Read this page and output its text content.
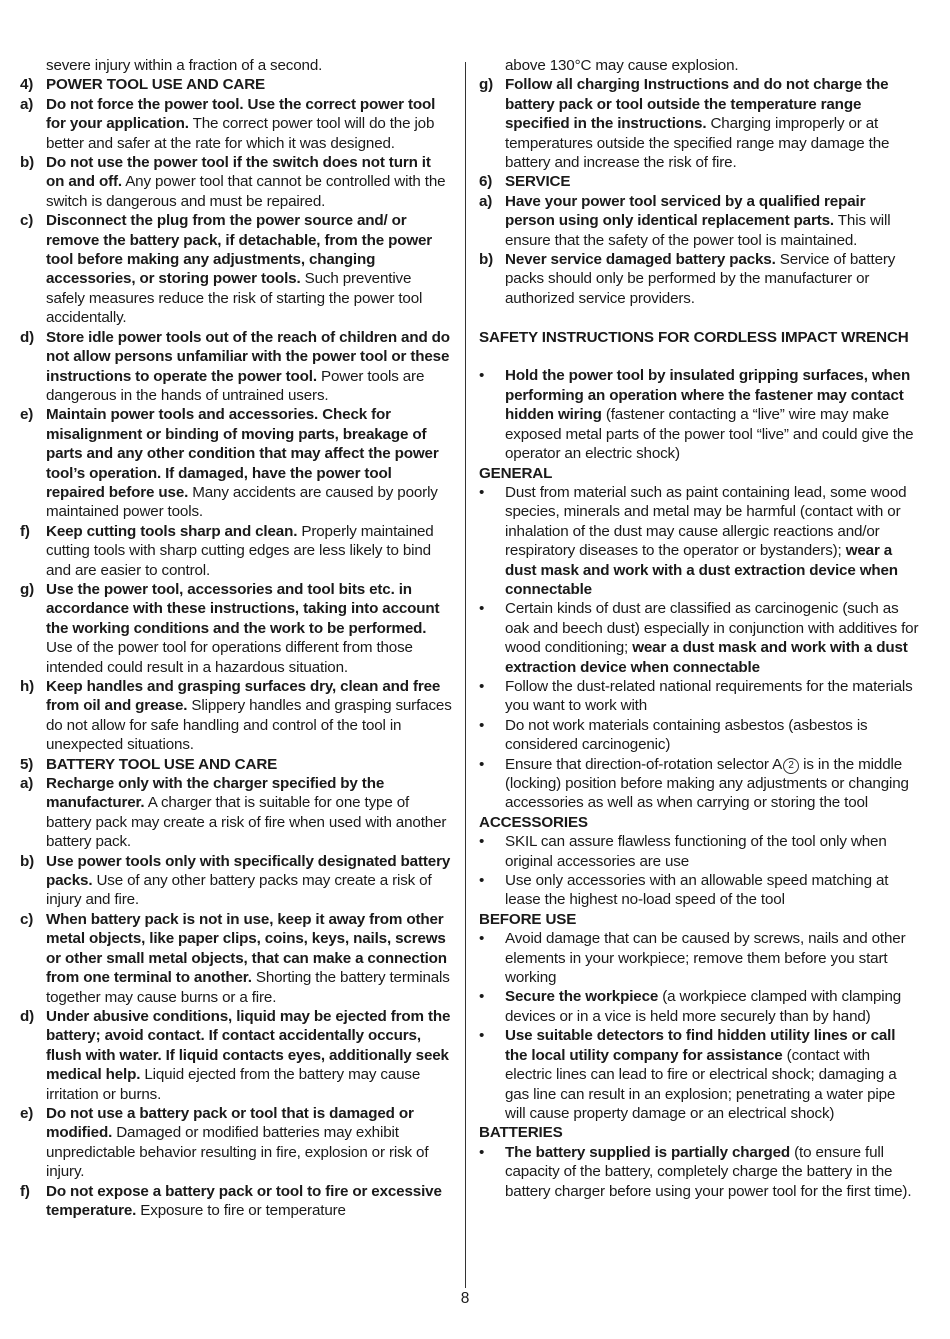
severe injury within a fraction of a second.
4) POWER TOOL USE AND CARE
a) Do not force the power tool. Use the correct power tool for your application. The correct power tool will do the job better and safer at the rate for which it was designed.
b) Do not use the power tool if the switch does not turn it on and off. Any power tool that cannot be controlled with the switch is dangerous and must be repaired.
c) Disconnect the plug from the power source and/ or remove the battery pack, if detachable, from the power tool before making any adjustments, changing accessories, or storing power tools. Such preventive safely measures reduce the risk of starting the power tool accidentally.
d) Store idle power tools out of the reach of children and do not allow persons unfamiliar with the power tool or these instructions to operate the power tool. Power tools are dangerous in the hands of untrained users.
e) Maintain power tools and accessories. Check for misalignment or binding of moving parts, breakage of parts and any other condition that may affect the power tool’s operation. If damaged, have the power tool repaired before use. Many accidents are caused by poorly maintained power tools.
f)	Keep cutting tools sharp and clean. Properly maintained cutting tools with sharp cutting edges are less likely to bind and are easier to control.
g) Use the power tool, accessories and tool bits etc. in accordance with these instructions, taking into account the working conditions and the work to be performed. Use of the power tool for operations different from those intended could result in a hazardous situation.
h) Keep handles and grasping surfaces dry, clean and free from oil and grease. Slippery handles and grasping surfaces do not allow for safe handling and control of the tool in unexpected situations.
5) BATTERY TOOL USE AND CARE
a) Recharge only with the charger specified by the manufacturer. A charger that is suitable for one type of battery pack may create a risk of fire when used with another battery pack.
b) Use power tools only with specifically designated battery packs. Use of any other battery packs may create a risk of injury and fire.
c) When battery pack is not in use, keep it away from other metal objects, like paper clips, coins, keys, nails, screws or other small metal objects, that can make a connection from one terminal to another. Shorting the battery terminals together may cause burns or a fire.
d) Under abusive conditions, liquid may be ejected from the battery; avoid contact. If contact accidentally occurs, flush with water. If liquid contacts eyes, additionally seek medical help. Liquid ejected from the battery may cause irritation or burns.
e) Do not use a battery pack or tool that is damaged or modified. Damaged or modified batteries may exhibit unpredictable behavior resulting in fire, explosion or risk of injury.
f)	Do not expose a battery pack or tool to fire or excessive temperature. Exposure to fire or temperature
above 130°C may cause explosion.
g) Follow all charging Instructions and do not charge the battery pack or tool outside the temperature range specified in the instructions. Charging improperly or at temperatures outside the specified range may damage the battery and increase the risk of fire.
6) SERVICE
a) Have your power tool serviced by a qualified repair person using only identical replacement parts. This will ensure that the safety of the power tool is maintained.
b) Never service damaged battery packs. Service of battery packs should only be performed by the manufacturer or authorized service providers.
SAFETY INSTRUCTIONS FOR CORDLESS IMPACT WRENCH
•
Hold the power tool by insulated gripping surfaces, when performing an operation where the fastener may contact hidden wiring (fastener contacting a “live” wire may make exposed metal parts of the power tool “live” and could give the operator an electric shock)
GENERAL
•
Dust from material such as paint containing lead, some wood species, minerals and metal may be harmful (contact with or inhalation of the dust may cause allergic reactions and/or respiratory diseases to the operator or bystanders); wear a dust mask and work with a dust extraction device when connectable
•
Certain kinds of dust are classified as carcinogenic (such as oak and beech dust) especially in conjunction with additives for wood conditioning; wear a dust mask and work with a dust extraction device when connectable
•
Follow the dust-related national requirements for the materials you want to work with
•
Do not work materials containing asbestos (asbestos is considered carcinogenic)
•
Ensure that direction-of-rotation selector A 2 is in the middle (locking) position before making any adjustments or changing accessories as well as when carrying or storing the tool
ACCESSORIES
•
SKIL can assure flawless functioning of the tool only when original accessories are use
•
Use only accessories with an allowable speed matching at lease the highest no-load speed of the tool
BEFORE USE
•
Avoid damage that can be caused by screws, nails and other elements in your workpiece; remove them before you start working
•
Secure the workpiece (a workpiece clamped with clamping devices or in a vice is held more securely than by hand)
•
Use suitable detectors to find hidden utility lines or call the local utility company for assistance (contact with electric lines can lead to fire or electrical shock; damaging a gas line can result in an explosion; penetrating a water pipe will cause property damage or an electrical shock)
BATTERIES
•
The battery supplied is partially charged (to ensure full capacity of the battery, completely charge the battery in the battery charger before using your power tool for the first time).
8
